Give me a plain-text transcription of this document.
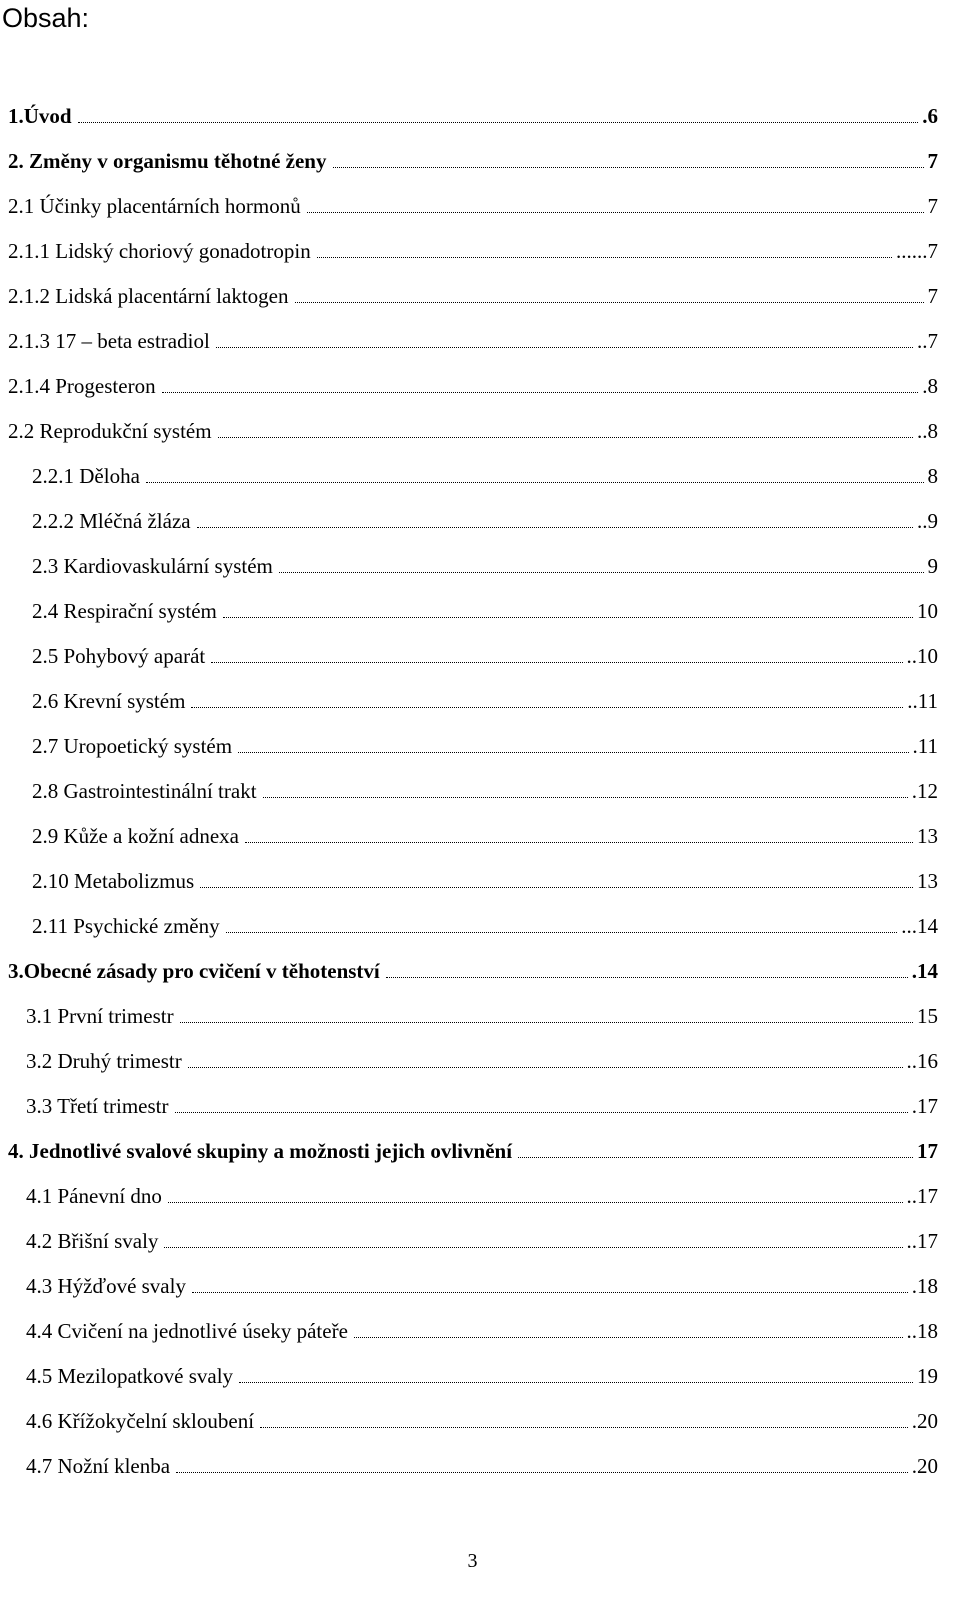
Obsah:
1.Úvod	.6
2. Změny v organismu těhotné ženy	7
2.1 Účinky placentárních hormonů	7
2.1.1 Lidský choriový gonadotropin	......7
2.1.2 Lidská placentární laktogen	7
2.1.3 17 – beta estradiol	..7
2.1.4 Progesteron	.8
2.2 Reprodukční systém	..8
2.2.1 Děloha	8
2.2.2 Mléčná žláza	..9
2.3 Kardiovaskulární systém	9
2.4 Respirační systém	10
2.5 Pohybový aparát	..10
2.6 Krevní systém	..11
2.7 Uropoetický systém	.11
2.8 Gastrointestinální trakt	.12
2.9 Kůže a kožní adnexa	13
2.10 Metabolizmus	13
2.11 Psychické změny	...14
3.Obecné zásady pro cvičení v těhotenství	.14
3.1 První trimestr	15
3.2 Druhý trimestr	..16
3.3 Třetí trimestr	.17
4. Jednotlivé svalové skupiny a možnosti jejich ovlivnění	17
4.1 Pánevní dno	..17
4.2 Břišní svaly	..17
4.3 Hýžďové svaly	.18
4.4 Cvičení na jednotlivé úseky páteře	..18
4.5 Mezilopatkové svaly	19
4.6 Křížokyčelní skloubení	.20
4.7 Nožní klenba	.20
3
